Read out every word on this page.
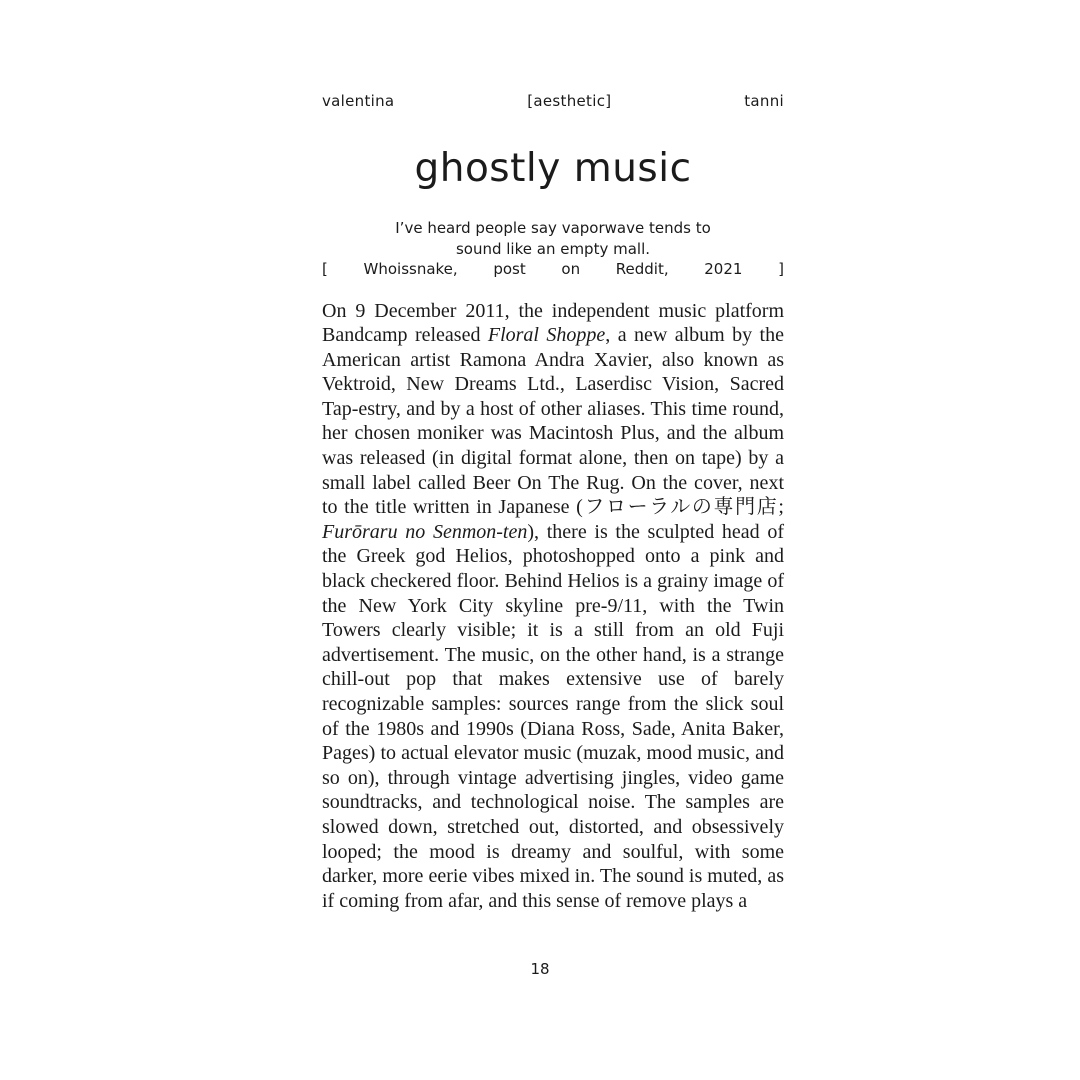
valentina	[aesthetic]	tanni
ghostly music
I’ve heard people say vaporwave tends to
sound like an empty mall.
[ Whoissnake, post on Reddit, 2021 ]

On 9 December 2011, the independent music platform Bandcamp released Floral Shoppe, a new album by the American artist Ramona Andra Xavier, also known as Vektroid, New Dreams Ltd., Laserdisc Vision, Sacred Tap-estry, and by a host of other aliases. This time round, her chosen moniker was Macintosh Plus, and the album was released (in digital format alone, then on tape) by a small label called Beer On The Rug. On the cover, next to the title written in Japanese (フローラルの専門店; Furōraru no Senmon-ten), there is the sculpted head of the Greek god Helios, photoshopped onto a pink and black checkered floor. Behind Helios is a grainy image of the New York City skyline pre-9/11, with the Twin Towers clearly visible; it is a still from an old Fuji advertisement. The music, on the other hand, is a strange chill-out pop that makes extensive use of barely recognizable samples: sources range from the slick soul of the 1980s and 1990s (Diana Ross, Sade, Anita Baker, Pages) to actual elevator music (muzak, mood music, and so on), through vintage advertising jingles, video game soundtracks, and technological noise. The samples are slowed down, stretched out, distorted, and obsessively looped; the mood is dreamy and soulful, with some darker, more eerie vibes mixed in. The sound is muted, as if coming from afar, and this sense of remove plays a

18
